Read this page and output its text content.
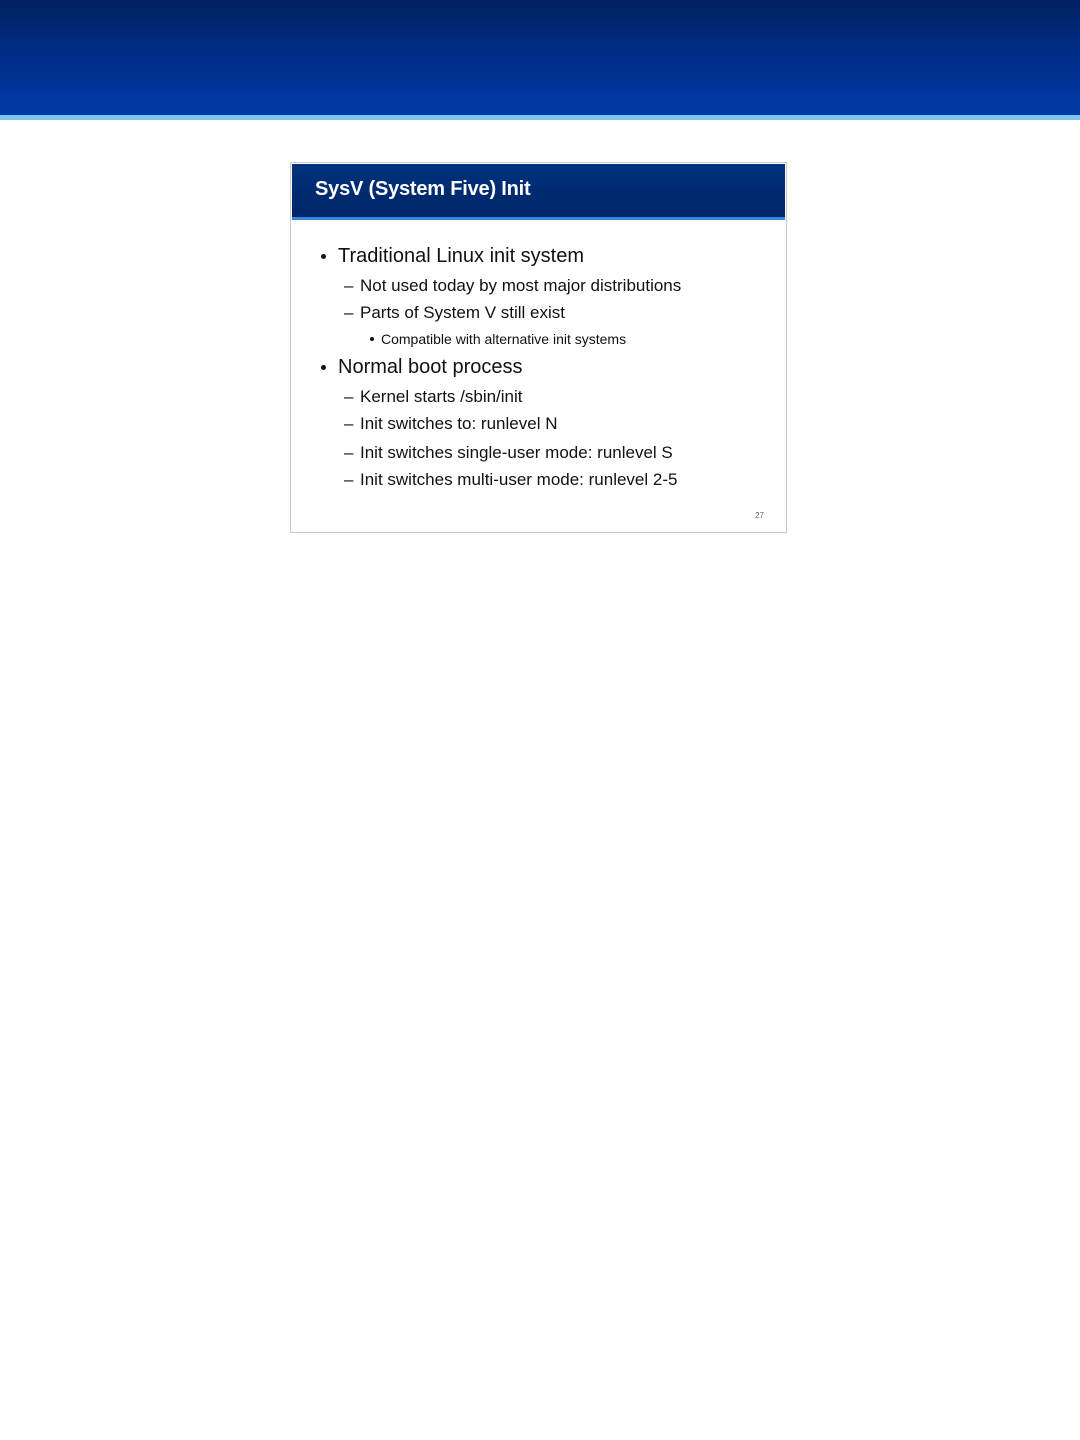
SysV (System Five) Init
Traditional Linux init system
– Not used today by most major distributions
– Parts of System V still exist
Compatible with alternative init systems
Normal boot process
– Kernel starts /sbin/init
– Init switches to: runlevel N
– Init switches single-user mode: runlevel S
– Init switches multi-user mode: runlevel 2-5
27
